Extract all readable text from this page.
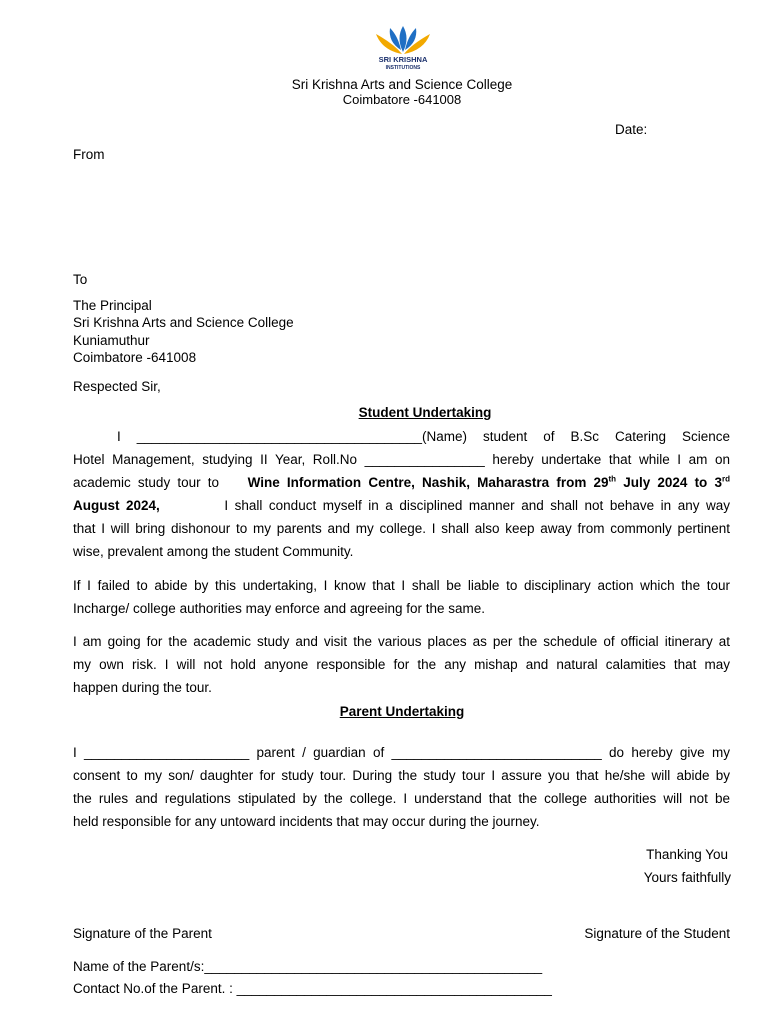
SRI KRISHNA
INSTITUTIONS
Sri Krishna Arts and Science College
Coimbatore -641008
Date:
From
To
The Principal
Sri Krishna Arts and Science College
Kuniamuthur
Coimbatore -641008
Respected Sir,
Student Undertaking
I ______________________________________(Name) student of B.Sc Catering Science
Hotel Management, studying II Year, Roll.No ________________ hereby undertake that while I am on
academic study tour to Wine Information Centre, Nashik, Maharastra from 29th July 2024 to 3rd
August 2024,	I shall conduct myself in a disciplined manner and shall not behave in any way
that I will bring dishonour to my parents and my college. I shall also keep away from commonly pertinent
wise, prevalent among the student Community.
If I failed to abide by this undertaking, I know that I shall be liable to disciplinary action which the tour
Incharge/ college authorities may enforce and agreeing for the same.
I am going for the academic study and visit the various places as per the schedule of official itinerary at
my own risk. I will not hold anyone responsible for the any mishap and natural calamities that may
happen during the tour.
Parent Undertaking
I ______________________ parent / guardian of ____________________________ do hereby give my
consent to my son/ daughter for study tour. During the study tour I assure you that he/she will abide by
the rules and regulations stipulated by the college. I understand that the college authorities will not be
held responsible for any untoward incidents that may occur during the journey.
Thanking You
Yours faithfully
Signature of the Parent	Signature of the Student
Name of the Parent/s:_____________________________________________
Contact No.of the Parent. : __________________________________________
